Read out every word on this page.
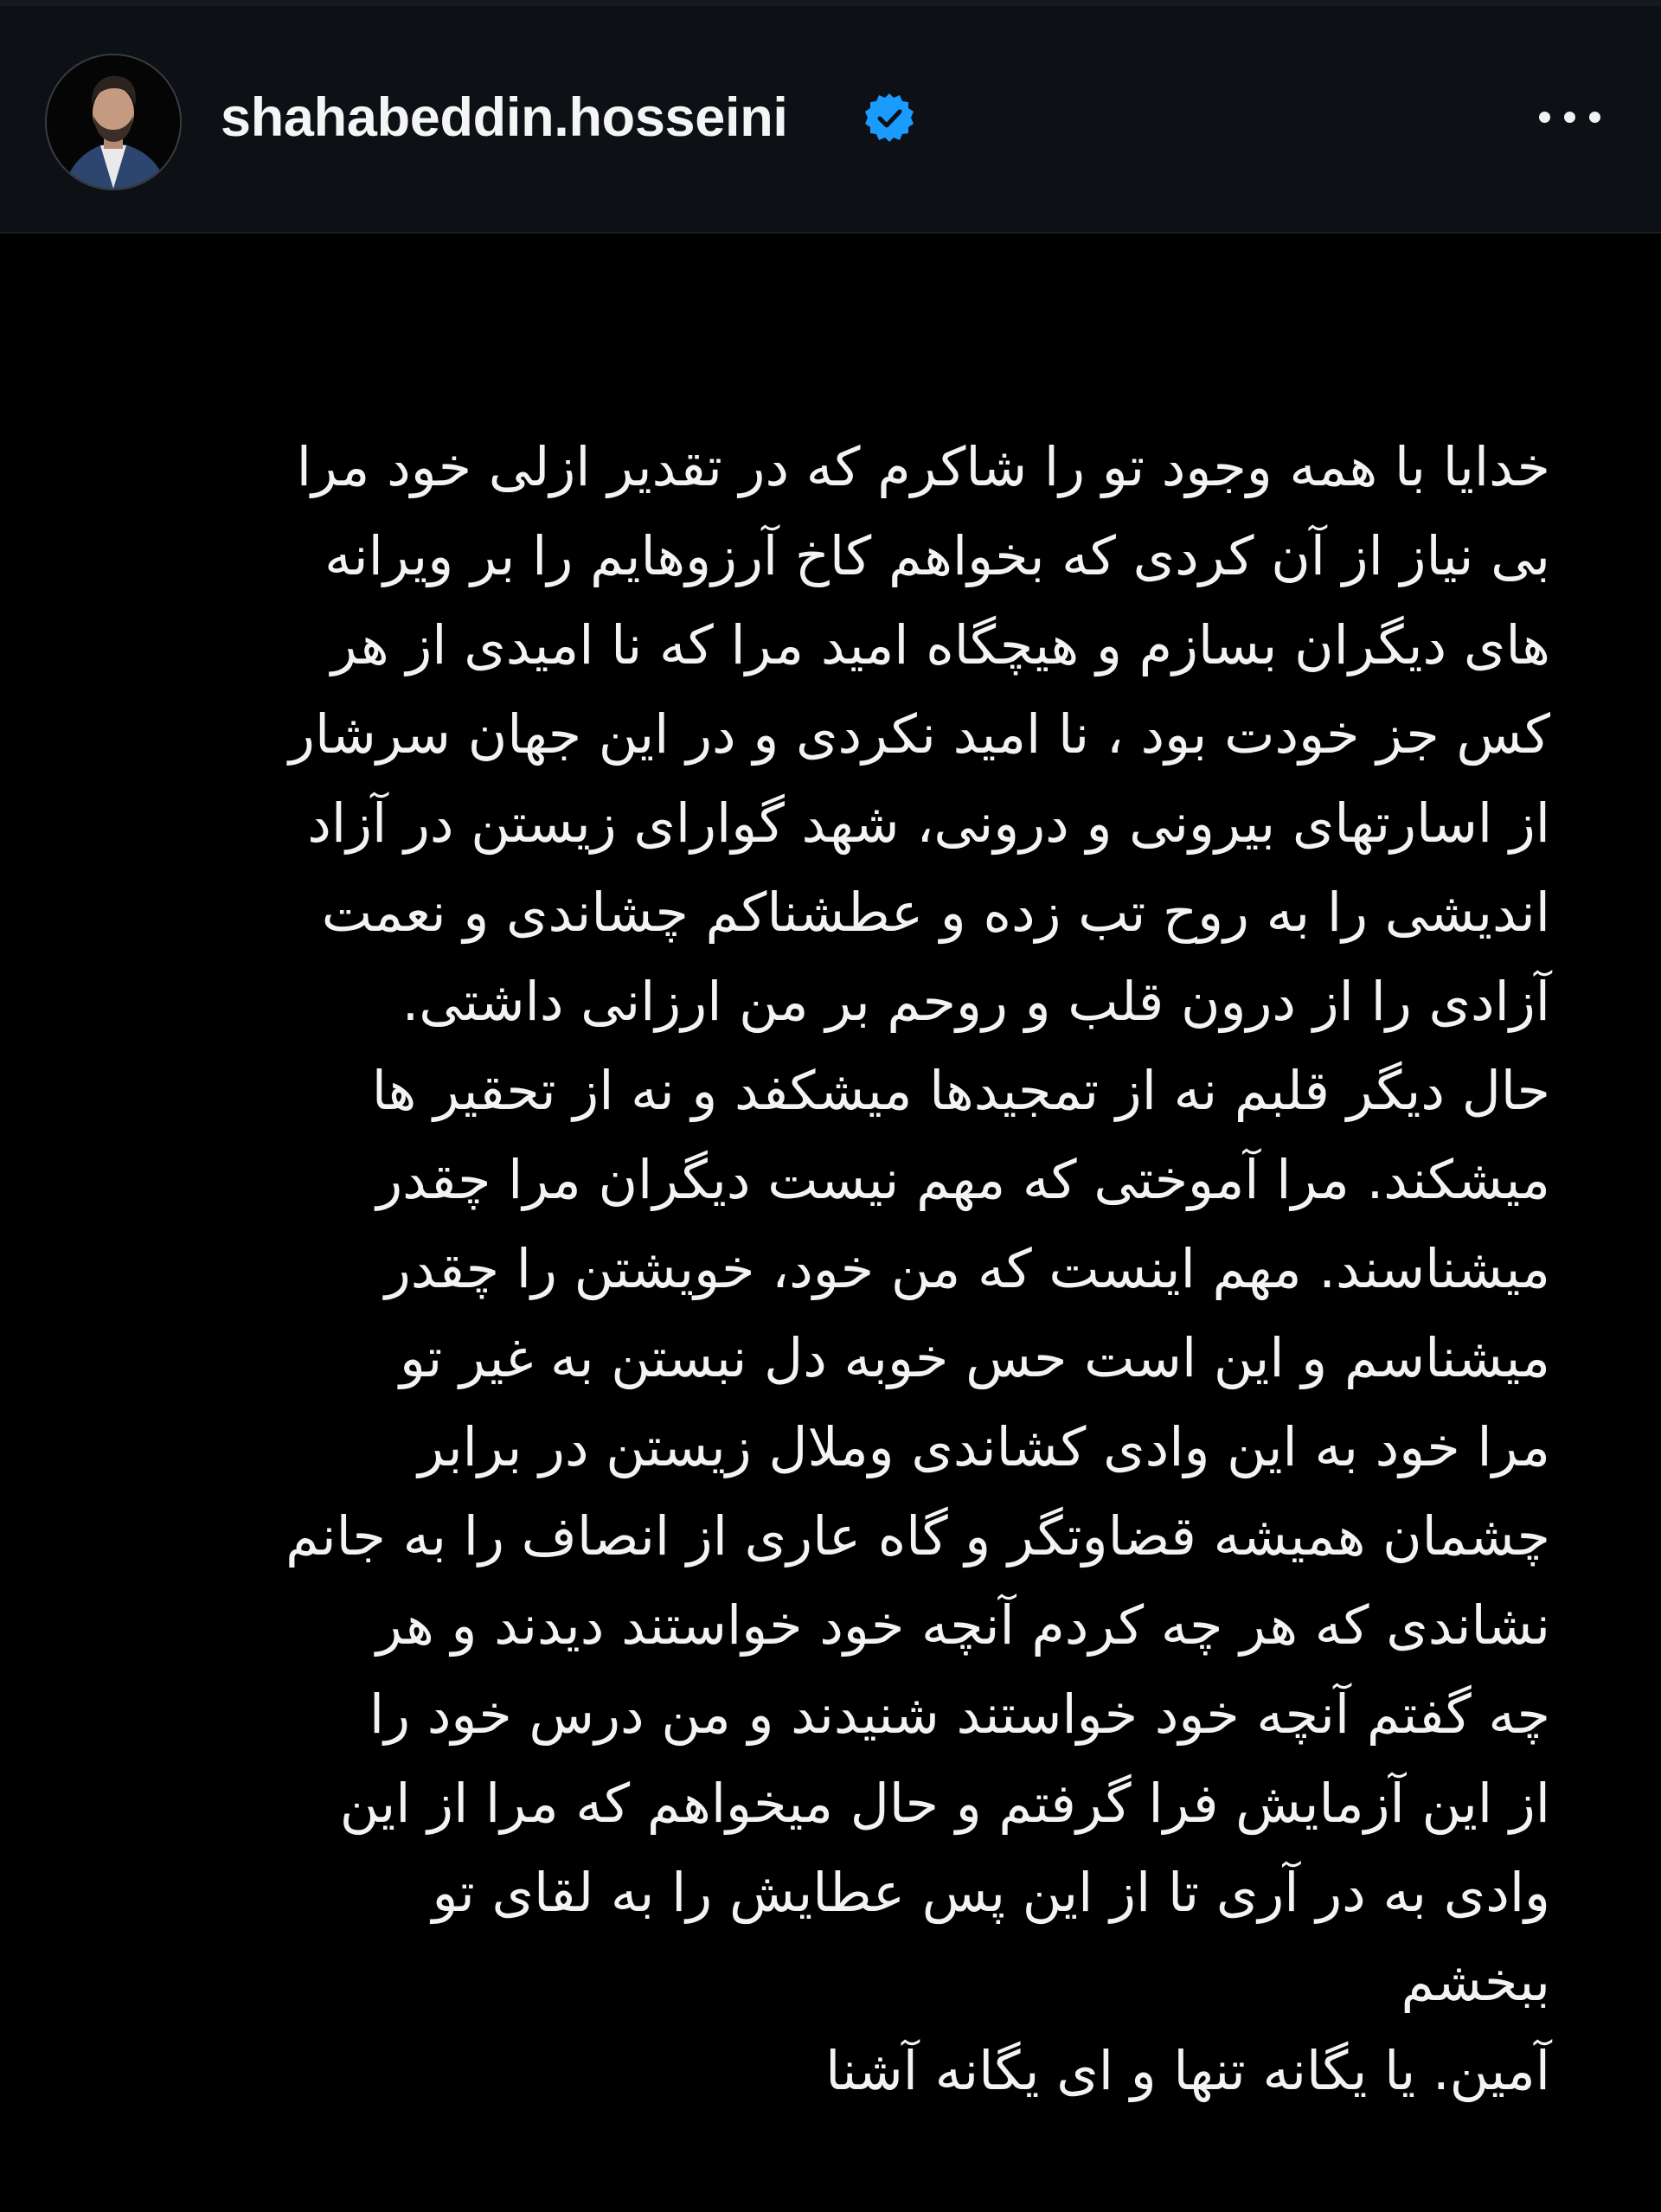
shahabeddin.hosseini
خدایا با همه وجود تو را شاکرم که در تقدیر ازلی خود مرا
بی نیاز از آن کردی که بخواهم کاخ آرزوهایم را بر ویرانه
های دیگران بسازم و هیچگاه امید مرا که نا امیدی از هر
کس جز خودت بود ، نا امید نکردی و در این جهان سرشار
از اسارتهای بیرونی و درونی، شهد گوارای زیستن در آزاد
اندیشی را به روح تب زده و عطشناکم چشاندی و نعمت
آزادی را از درون قلب و روحم بر من ارزانی داشتی.
حال دیگر قلبم نه از تمجیدها میشکفد و نه از تحقیر ها
میشکند. مرا آموختی که مهم نیست دیگران مرا چقدر
میشناسند. مهم اینست که من خود، خویشتن را چقدر
میشناسم و این است حس خوبه دل نبستن به غیر تو
مرا خود به این وادی کشاندی وملال زیستن در برابر
چشمان همیشه قضاوتگر و گاه عاری از انصاف را به جانم
نشاندی که هر چه کردم آنچه خود خواستند دیدند و هر
چه گفتم آنچه خود خواستند شنیدند و من درس خود را
از این آزمایش فرا گرفتم و حال میخواهم که مرا از این
وادی به در آری تا از این پس عطایش را به لقای تو
ببخشم
آمین. یا یگانه تنها و ای یگانه آشنا
